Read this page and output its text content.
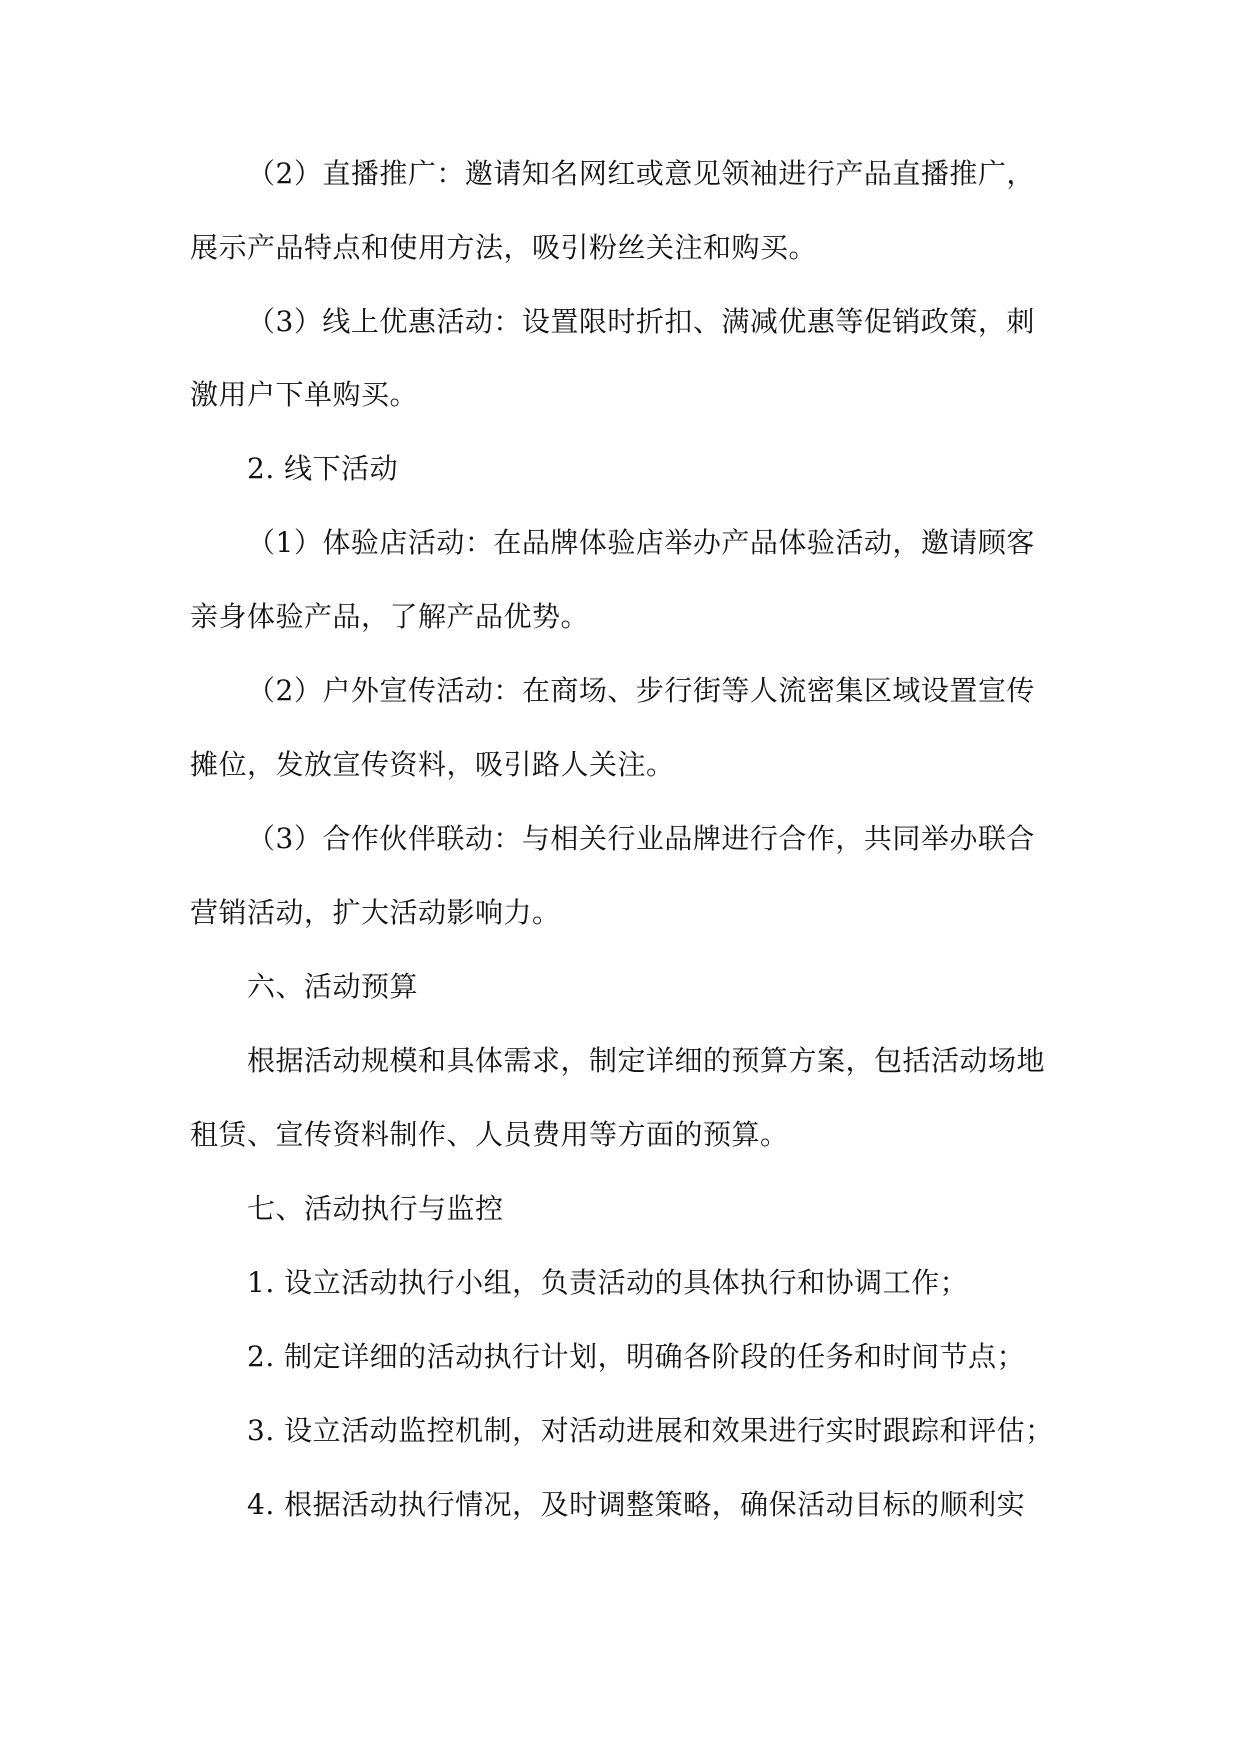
（2）直播推广：邀请知名网红或意见领袖进行产品直播推广，
展示产品特点和使用方法，吸引粉丝关注和购买。
（3）线上优惠活动：设置限时折扣、满减优惠等促销政策，刺
激用户下单购买。
2. 线下活动
（1）体验店活动：在品牌体验店举办产品体验活动，邀请顾客
亲身体验产品，了解产品优势。
（2）户外宣传活动：在商场、步行街等人流密集区域设置宣传
摊位，发放宣传资料，吸引路人关注。
（3）合作伙伴联动：与相关行业品牌进行合作，共同举办联合
营销活动，扩大活动影响力。
六、活动预算
根据活动规模和具体需求，制定详细的预算方案，包括活动场地
租赁、宣传资料制作、人员费用等方面的预算。
七、活动执行与监控
1. 设立活动执行小组，负责活动的具体执行和协调工作；
2. 制定详细的活动执行计划，明确各阶段的任务和时间节点；
3. 设立活动监控机制，对活动进展和效果进行实时跟踪和评估；
4. 根据活动执行情况，及时调整策略，确保活动目标的顺利实
